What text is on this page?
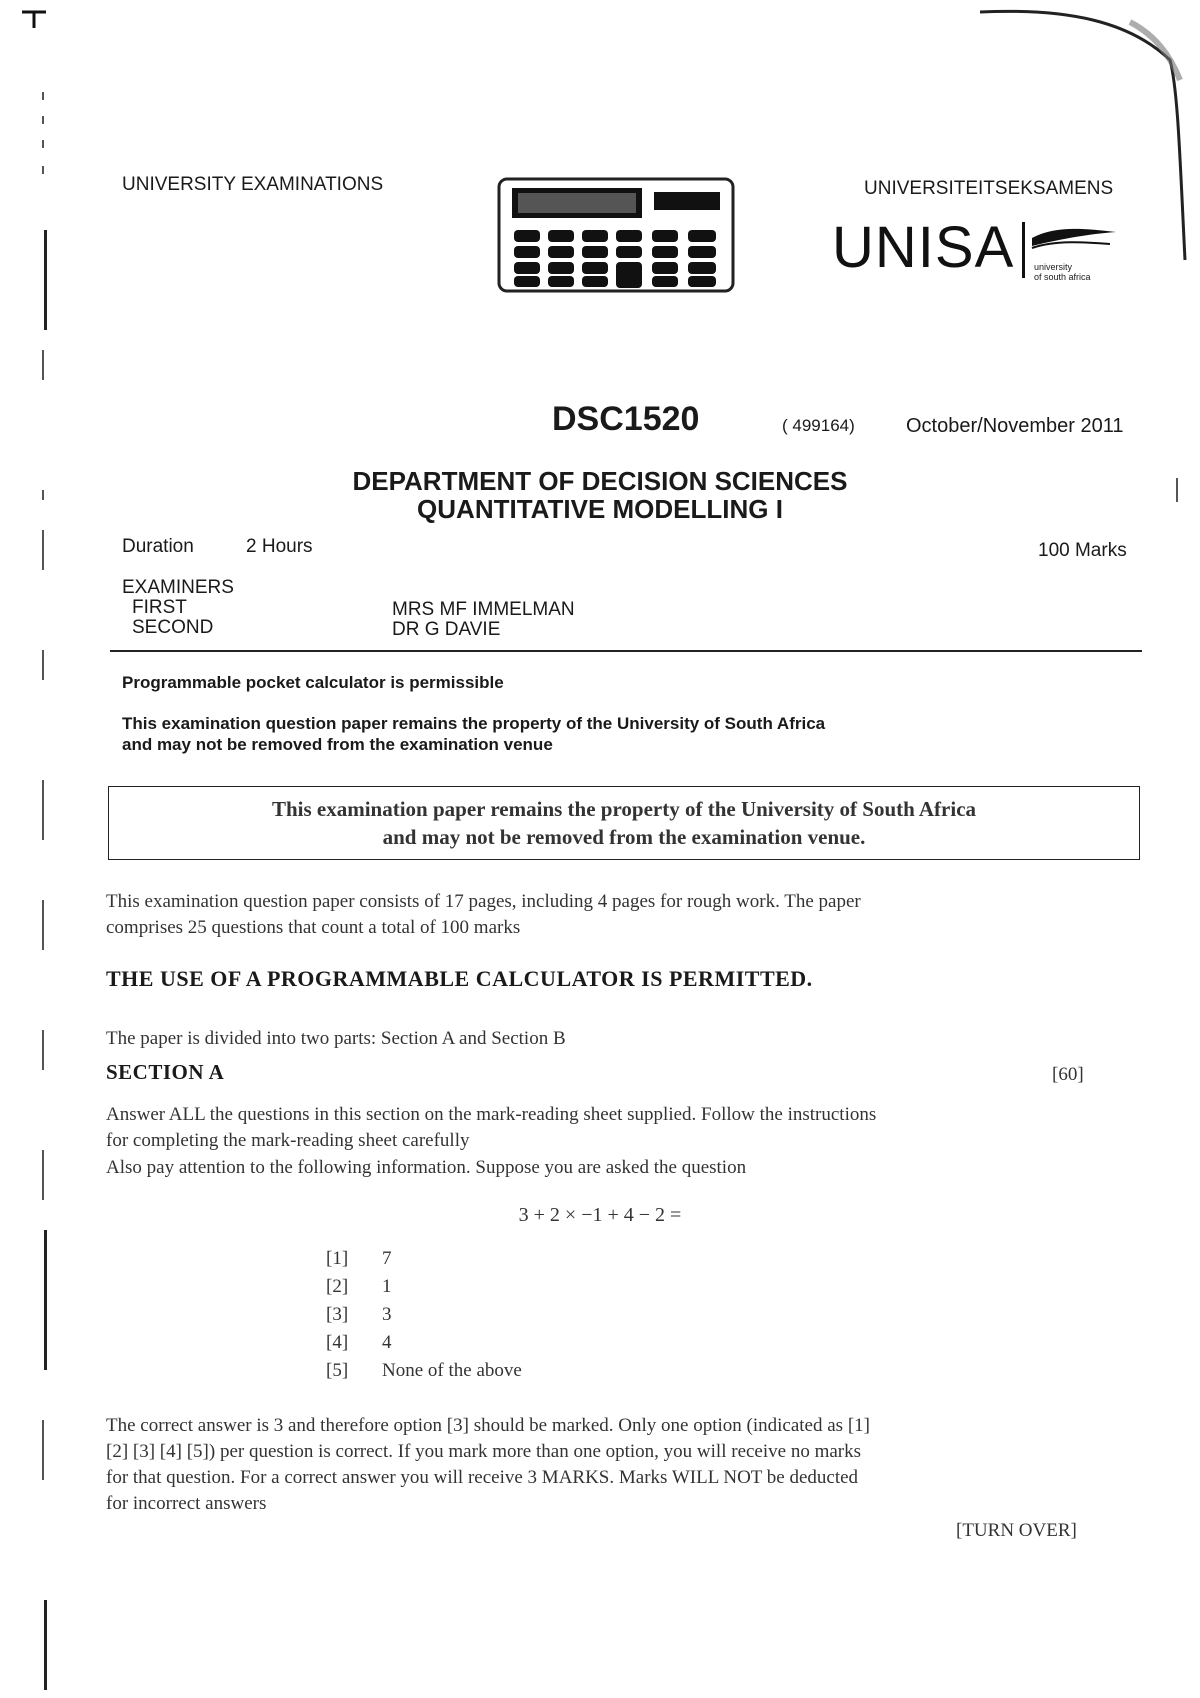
UNIVERSITY EXAMINATIONS	UNIVERSITEITSEKSAMENS
UNISA university
of south africa
DSC1520	( 499164)	October/November 2011
DEPARTMENT OF DECISION SCIENCES
QUANTITATIVE MODELLING I
Duration	2 Hours	100 Marks
EXAMINERS
FIRST	MRS MF IMMELMAN
SECOND	DR G DAVIE
Programmable pocket calculator is permissible
This examination question paper remains the property of the University of South Africa
and may not be removed from the examination venue
This examination paper remains the property of the University of South Africa
and may not be removed from the examination venue.
This examination question paper consists of 17 pages, including 4 pages for rough work. The paper
comprises 25 questions that count a total of 100 marks
THE USE OF A PROGRAMMABLE CALCULATOR IS PERMITTED.
The paper is divided into two parts: Section A and Section B
SECTION A	[60]
Answer ALL the questions in this section on the mark-reading sheet supplied. Follow the instructions
for completing the mark-reading sheet carefully
Also pay attention to the following information. Suppose you are asked the question
3 + 2 × −1 + 4 − 2 =
[1] 7
[2] 1
[3] 3
[4] 4
[5] None of the above
The correct answer is 3 and therefore option [3] should be marked. Only one option (indicated as [1]
[2] [3] [4] [5]) per question is correct. If you mark more than one option, you will receive no marks
for that question. For a correct answer you will receive 3 MARKS. Marks WILL NOT be deducted
for incorrect answers
[TURN OVER]
